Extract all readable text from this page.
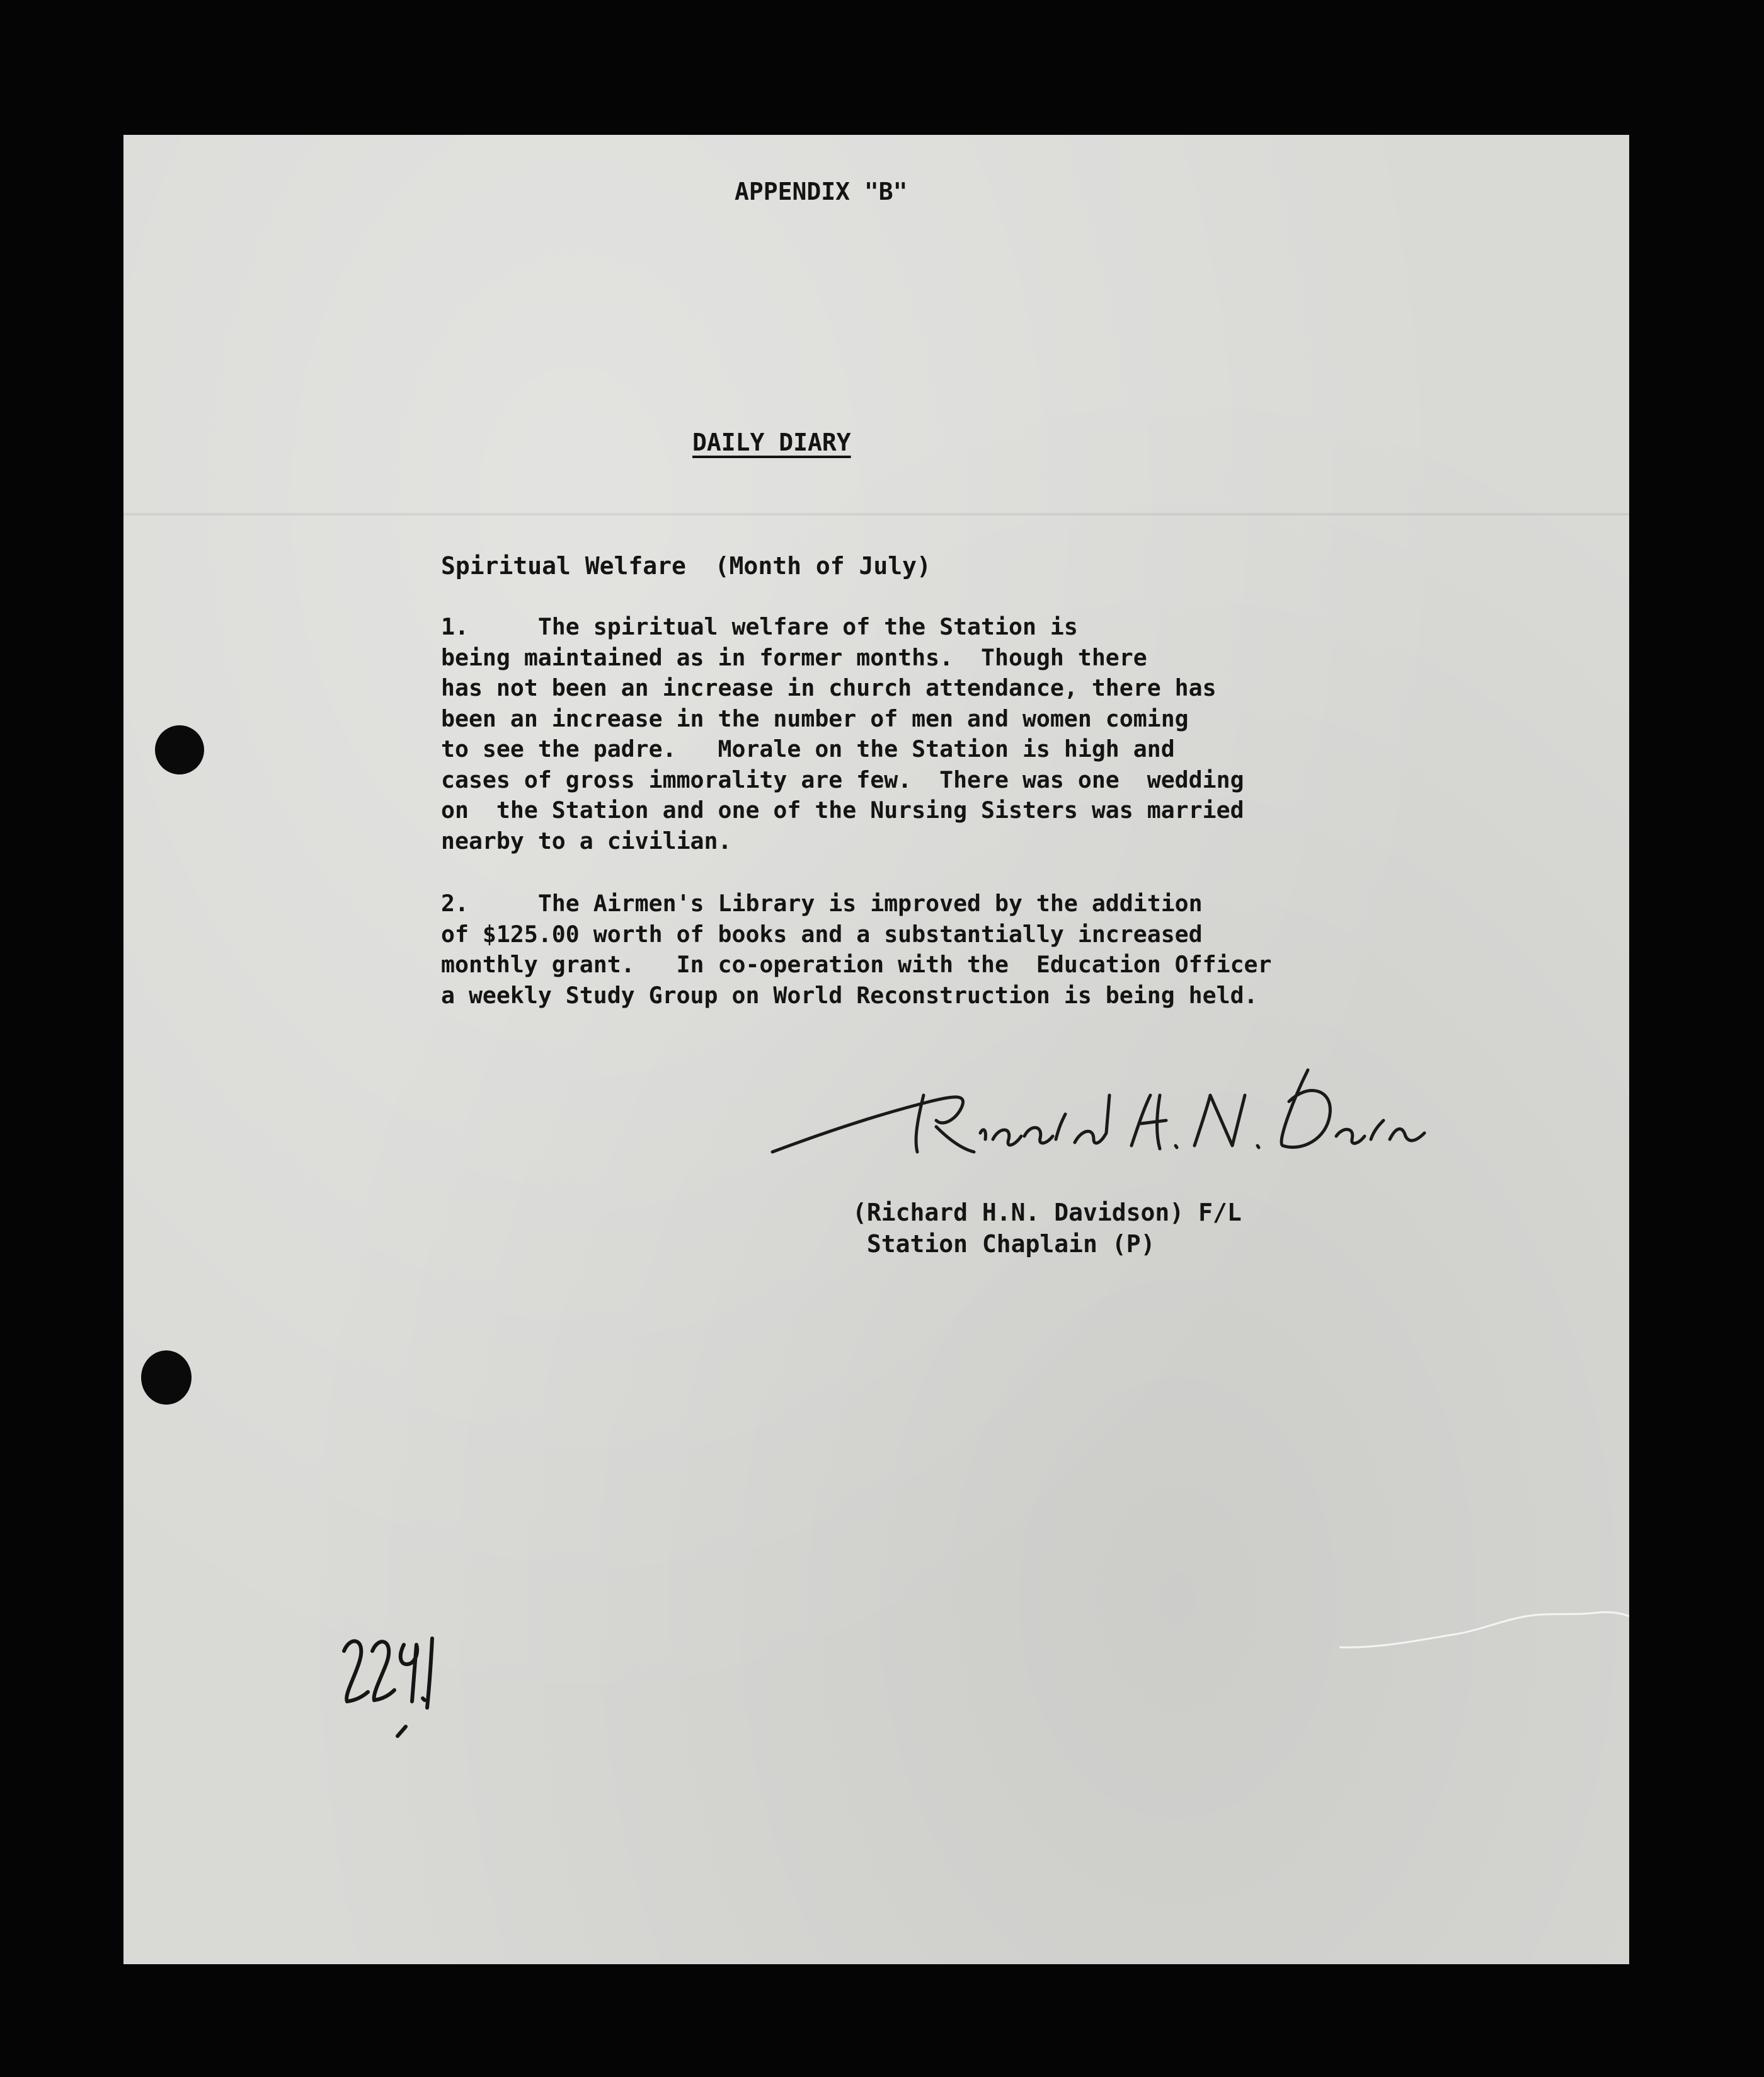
APPENDIX "B"
DAILY DIARY
Spiritual Welfare  (Month of July)
1.     The spiritual welfare of the Station is
being maintained as in former months.  Though there
has not been an increase in church attendance, there has
been an increase in the number of men and women coming
to see the padre.   Morale on the Station is high and
cases of gross immorality are few.  There was one  wedding
on  the Station and one of the Nursing Sisters was married
nearby to a civilian.
2.     The Airmen's Library is improved by the addition
of $125.00 worth of books and a substantially increased
monthly grant.   In co-operation with the  Education Officer
a weekly Study Group on World Reconstruction is being held.
(Richard H.N. Davidson) F/L
Station Chaplain (P)
